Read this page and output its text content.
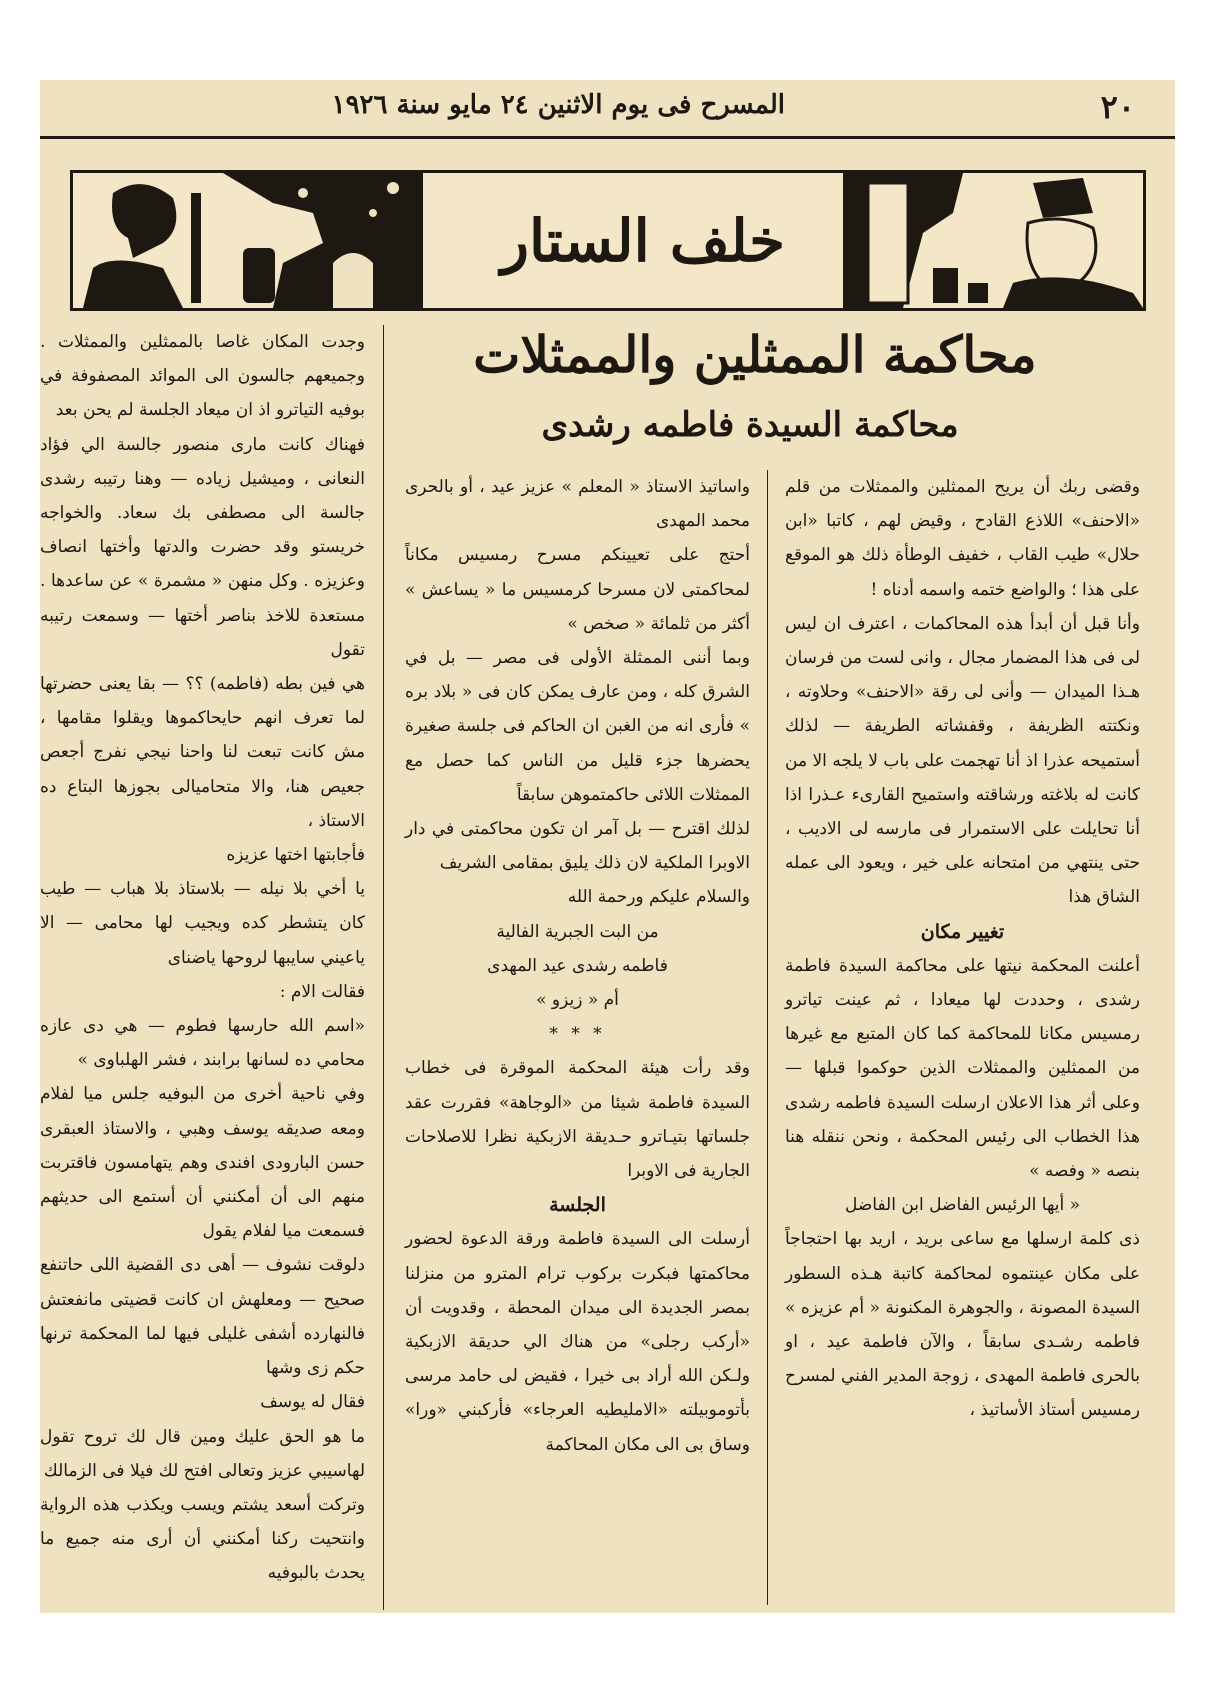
٢٠
المسرح فى يوم الاثنين ٢٤ مايو سنة ١٩٢٦
خلف الستار
محاكمة الممثلين والممثلات
محاكمة السيدة فاطمه رشدى

وقضى ربك أن يريح الممثلين والممثلات من قلم «الاحنف» اللاذع القادح ، وقيض لهم ، كاتبا «ابن حلال» طيب القاب ، خفيف الوطأة ذلك هو الموقع على هذا ؛ والواضع ختمه واسمه أدناه !

وأنا قبل أن أبدأ هذه المحاكمات ، اعترف ان ليس لى فى هذا المضمار مجال ، وانى لست من فرسان هـذا الميدان — وأنى لى رقة «الاحنف» وحلاوته ، ونكتته الظريفة ، وقفشاته الطريفة — لذلك أستميحه عذرا اذ أنا تهجمت على باب لا يلجه الا من كانت له بلاغته ورشاقته واستميح القارىء عـذرا اذا أنا تحايلت على الاستمرار فى مارسه لى الاديب ، حتى ينتهي من امتحانه على خير ، ويعود الى عمله الشاق هذا

تغيير مكان

أعلنت المحكمة نيتها على محاكمة السيدة فاطمة رشدى ، وحددت لها ميعادا ، ثم عينت تياترو رمسيس مكانا للمحاكمة كما كان المتبع مع غيرها من الممثلين والممثلات الذين حوكموا قبلها — وعلى أثر هذا الاعلان ارسلت السيدة فاطمه رشدى هذا الخطاب الى رئيس المحكمة ، ونحن ننقله هنا بنصه « وفصه »

« أيها الرئيس الفاضل ابن الفاضل

ذى كلمة ارسلها مع ساعى بريد ، اريد بها احتجاجاً على مكان عينتموه لمحاكمة كاتبة هـذه السطور السيدة المصونة ، والجوهرة المكنونة « أم عزيزه » فاطمه رشـدى سابقاً ، والآن فاطمة عيد ، او بالحرى فاطمة المهدى ، زوجة المدير الفني لمسرح رمسيس أستاذ الأساتيذ ،

واساتيذ الاستاذ « المعلم » عزيز عيد ، أو بالحرى محمد المهدى

أحتج على تعيينكم مسرح رمسيس مكاناً لمحاكمتى لان مسرحا كرمسيس ما « يساعش » أكثر من ثلمائة « صخص »

وبما أننى الممثلة الأولى فى مصر — بل في الشرق كله ، ومن عارف يمكن كان فى « بلاد بره » فأرى انه من الغبن ان الحاكم فى جلسة صغيرة يحضرها جزء قليل من الناس كما حصل مع الممثلات اللائى حاكمتموهن سابقاً

لذلك اقترح — بل آمر ان تكون محاكمتى في دار الاوبرا الملكية لان ذلك يليق بمقامى الشريف

والسلام عليكم ورحمة الله

من البت الجبرية الفالية

فاطمه رشدى عيد المهدى

أم « زيزو »

* * *

وقد رأت هيئة المحكمة الموقرة فى خطاب السيدة فاطمة شيئا من «الوجاهة» فقررت عقد جلساتها بتيـاترو حـديقة الازبكية نظرا للاصلاحات الجارية فى الاوبرا

الجلسة

أرسلت الى السيدة فاطمة ورقة الدعوة لحضور محاكمتها فبكرت بركوب ترام المترو من منزلنا بمصر الجديدة الى ميدان المحطة ، وقدويت أن «أركب رجلى» من هناك الي حديقة الازبكية ولـكن الله أراد بى خيرا ، فقيض لى حامد مرسى بأتوموبيلته «الامليطيه العرجاء» فأركبني «ورا» وساق بى الى مكان المحاكمة

وجدت المكان غاصا بالممثلين والممثلات . وجميعهم جالسون الى الموائد المصفوفة في بوفيه التياترو اذ ان ميعاد الجلسة لم يحن بعد

فهناك كانت مارى منصور جالسة الي فؤاد النعانى ، وميشيل زياده — وهنا رتيبه رشدى جالسة الى مصطفى بك سعاد. والخواجه خريستو وقد حضرت والدتها وأختها انصاف وعزيزه . وكل منهن « مشمرة » عن ساعدها . مستعدة للاخذ بناصر أختها — وسمعت رتيبه تقول

هي فين بطه (فاطمه) ؟؟ — بقا يعنى حضرتها لما تعرف انهم حايحاكموها ويقلوا مقامها ، مش كانت تبعت لنا واحنا نيجي نفرج أجعص جعيص هنا، والا متحاميالى بجوزها البتاع ده الاستاذ ،

فأجابتها اختها عزيزه

يا أخي بلا نيله — بلاستاذ بلا هباب — طيب كان يتشطر كده ويجيب لها محامى — الا ياعيني سايبها لروحها ياضناى

فقالت الام :

«اسم الله حارسها فطوم — هي دى عازه محامي ده لسانها برابند ، فشر الهلباوى »

وفي ناحية أخرى من البوفيه جلس ميا لفلام ومعه صديقه يوسف وهبي ، والاستاذ العبقرى حسن البارودى افندى وهم يتهامسون فاقتربت منهم الى أن أمكنني أن أستمع الى حديثهم فسمعت ميا لفلام يقول

دلوقت نشوف — أهى دى القضية اللى حاتنفع صحيح — ومعلهش ان كانت قضيتى مانفعتش فالنهارده أشفى غليلى فيها لما المحكمة ترنها حكم زى وشها

فقال له يوسف

ما هو الحق عليك ومين قال لك تروح تقول لهاسيبي عزيز وتعالى افتح لك فيلا فى الزمالك

وتركت أسعد يشتم ويسب ويكذب هذه الرواية وانتحيت ركنا أمكنني أن أرى منه جميع ما يحدث بالبوفيه
